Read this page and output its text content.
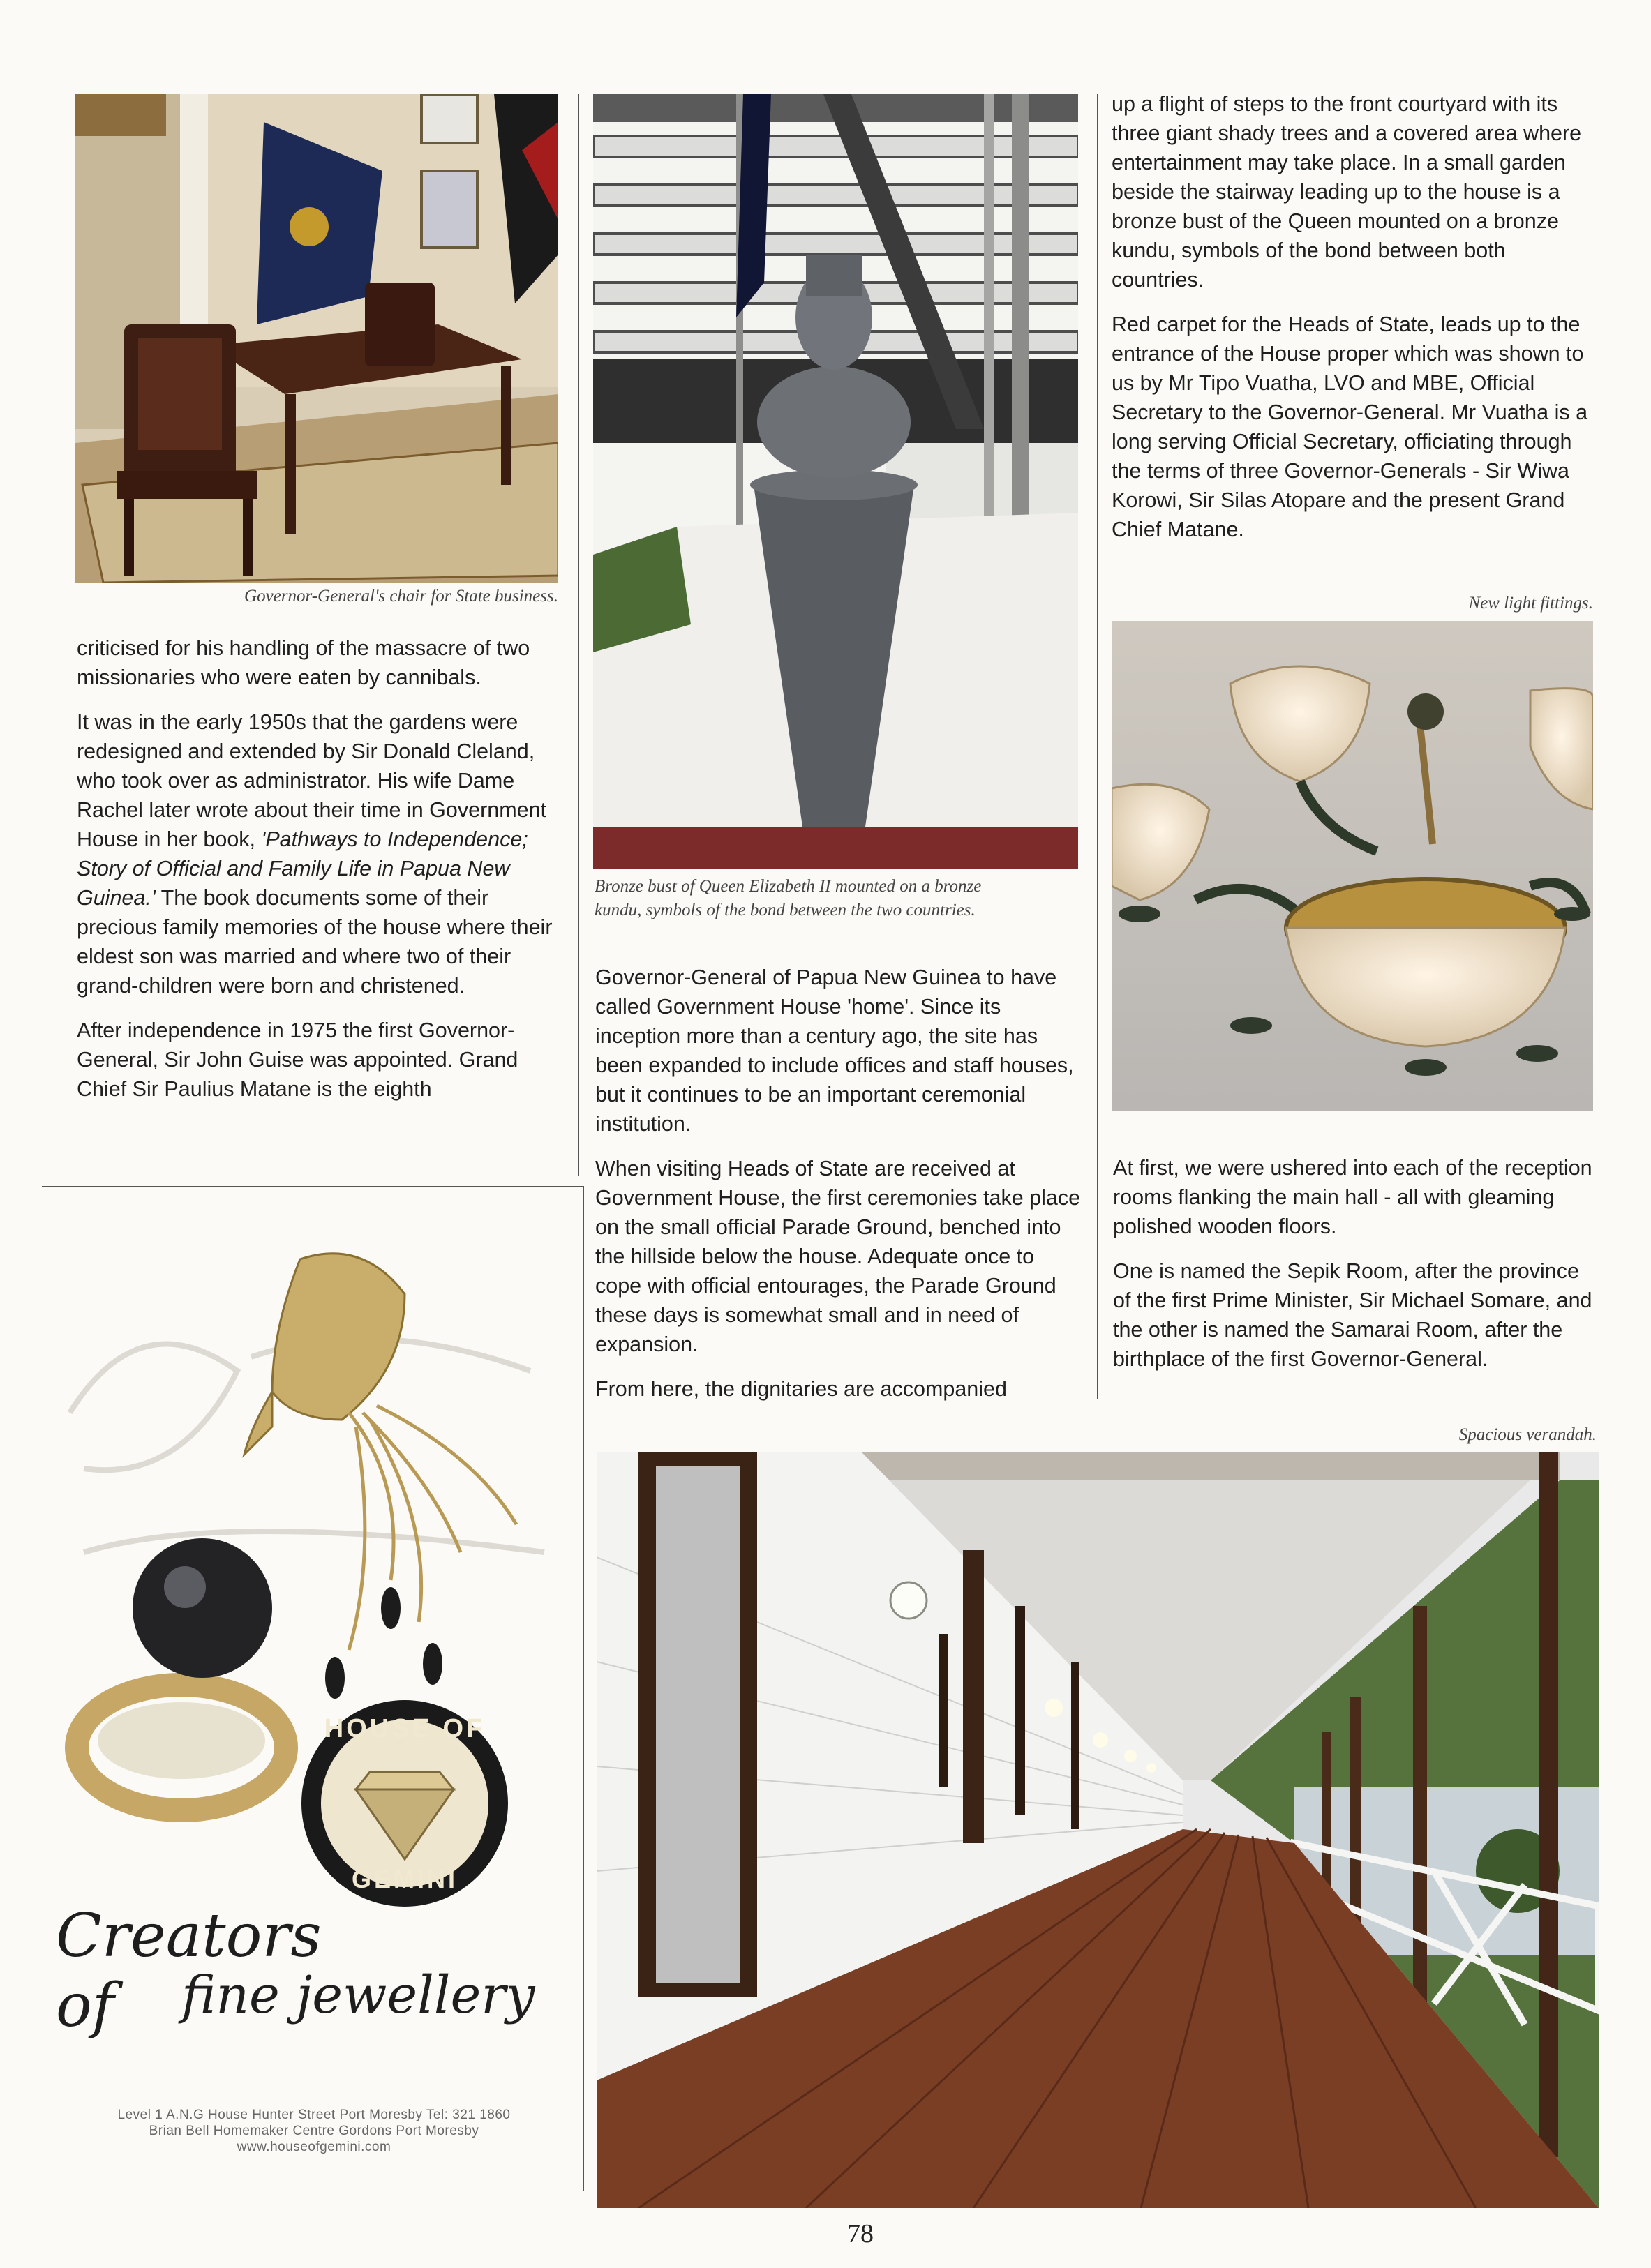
Governor-General's chair for State business.

criticised for his handling of the massacre of two missionaries who were eaten by cannibals.

It was in the early 1950s that the gardens were redesigned and extended by Sir Donald Cleland, who took over as administrator. His wife Dame Rachel later wrote about their time in Government House in her book, 'Pathways to Independence; Story of Official and Family Life in Papua New Guinea.' The book documents some of their precious family memories of the house where their eldest son was married and where two of their grand-children were born and christened.

After independence in 1975 the first Governor-General, Sir John Guise was appointed. Grand Chief Sir Paulius Matane is the eighth

Bronze bust of Queen Elizabeth II mounted on a bronze
kundu, symbols of the bond between the two countries.

Governor-General of Papua New Guinea to have called Government House 'home'. Since its inception more than a century ago, the site has been expanded to include offices and staff houses, but it continues to be an important ceremonial institution.

When visiting Heads of State are received at Government House, the first ceremonies take place on the small official Parade Ground, benched into the hillside below the house. Adequate once to cope with official entourages, the Parade Ground these days is somewhat small and in need of expansion.

From here, the dignitaries are accompanied

up a flight of steps to the front courtyard with its three giant shady trees and a covered area where entertainment may take place. In a small garden beside the stairway leading up to the house is a bronze bust of the Queen mounted on a bronze kundu, symbols of the bond between both countries.

Red carpet for the Heads of State, leads up to the entrance of the House proper which was shown to us by Mr Tipo Vuatha, LVO and MBE, Official Secretary to the Governor-General. Mr Vuatha is a long serving Official Secretary, officiating through the terms of three Governor-Generals - Sir Wiwa Korowi, Sir Silas Atopare and the present Grand Chief Matane.

New light fittings.

At first, we were ushered into each of the reception rooms flanking the main hall - all with gleaming polished wooden floors.

One is named the Sepik Room, after the province of the first Prime Minister, Sir Michael Somare, and the other is named the Samarai Room, after the birthplace of the first Governor-General.

Spacious verandah.
HOUSE OF
GEMINI
Creators of	fine jewellery
Level 1 A.N.G House Hunter Street Port Moresby Tel: 321 1860
Brian Bell Homemaker Centre Gordons Port Moresby
www.houseofgemini.com
78
